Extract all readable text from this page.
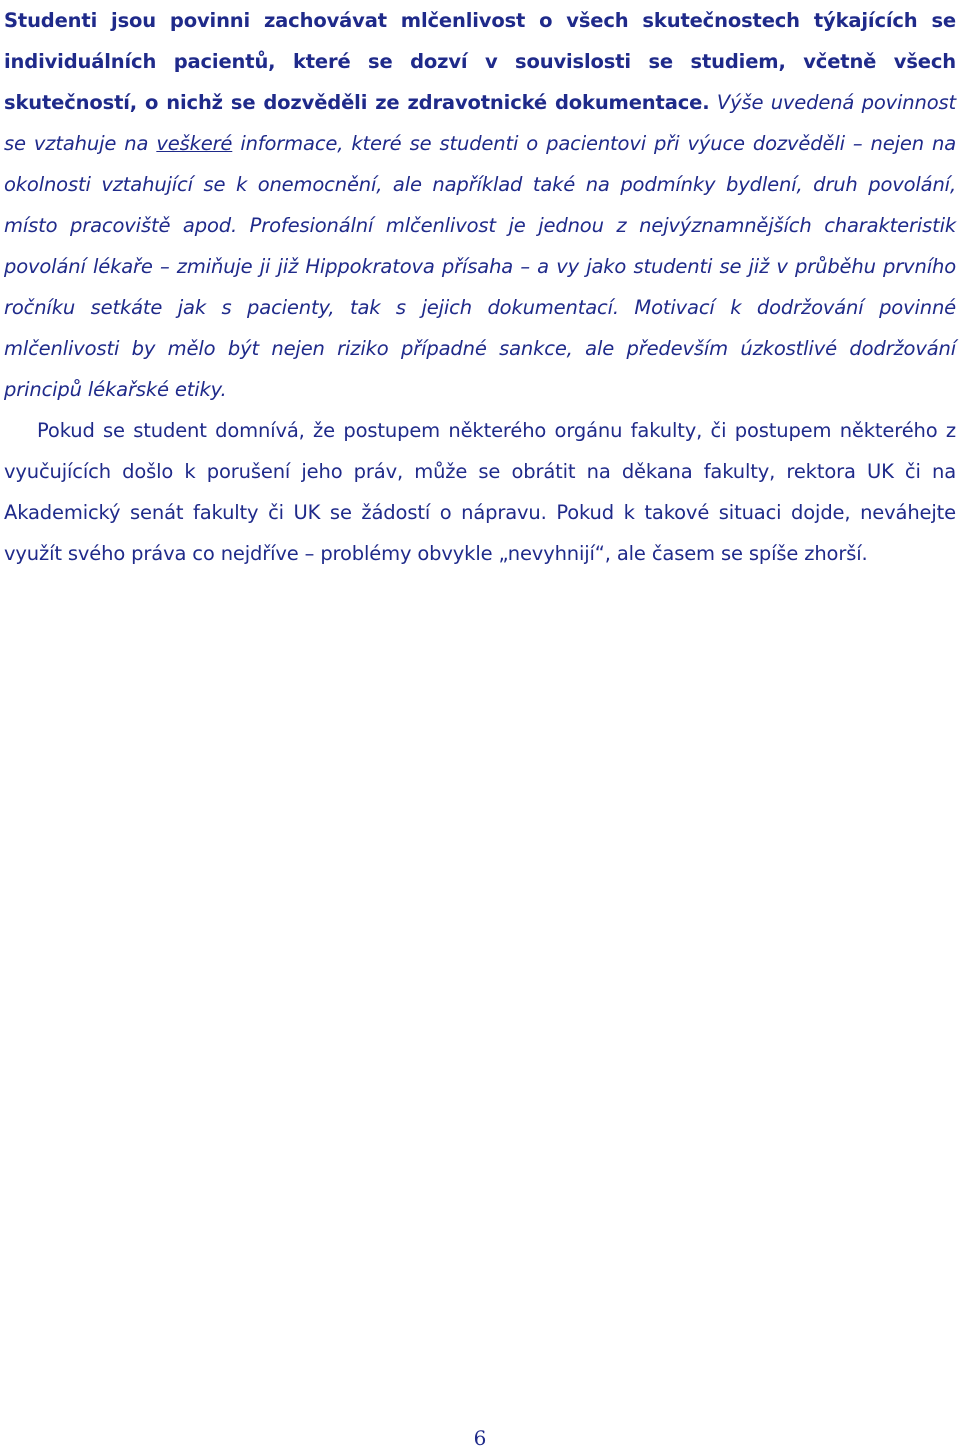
Studenti jsou povinni zachovávat mlčenlivost o všech skutečnostech týkajících se individuálních pacientů, které se dozví v souvislosti se studiem, včetně všech skutečností, o nichž se dozvěděli ze zdravotnické dokumentace. Výše uvedená povinnost se vztahuje na veškeré informace, které se studenti o pacientovi při výuce dozvěděli – nejen na okolnosti vztahující se k onemocnění, ale například také na podmínky bydlení, druh povolání, místo pracoviště apod. Profesionální mlčenlivost je jednou z nejvýznamnějších charakteristik povolání lékaře – zmiňuje ji již Hippokratova přísaha – a vy jako studenti se již v průběhu prvního ročníku setkáte jak s pacienty, tak s jejich dokumentací. Motivací k dodržování povinné mlčenlivosti by mělo být nejen riziko případné sankce, ale především úzkostlivé dodržování principů lékařské etiky.

Pokud se student domnívá, že postupem některého orgánu fakulty, či postupem některého z vyučujících došlo k porušení jeho práv, může se obrátit na děkana fakulty, rektora UK či na Akademický senát fakulty či UK se žádostí o nápravu. Pokud k takové situaci dojde, neváhejte využít svého práva co nejdříve – problémy obvykle „nevyhnijí“, ale časem se spíše zhorší.

6
